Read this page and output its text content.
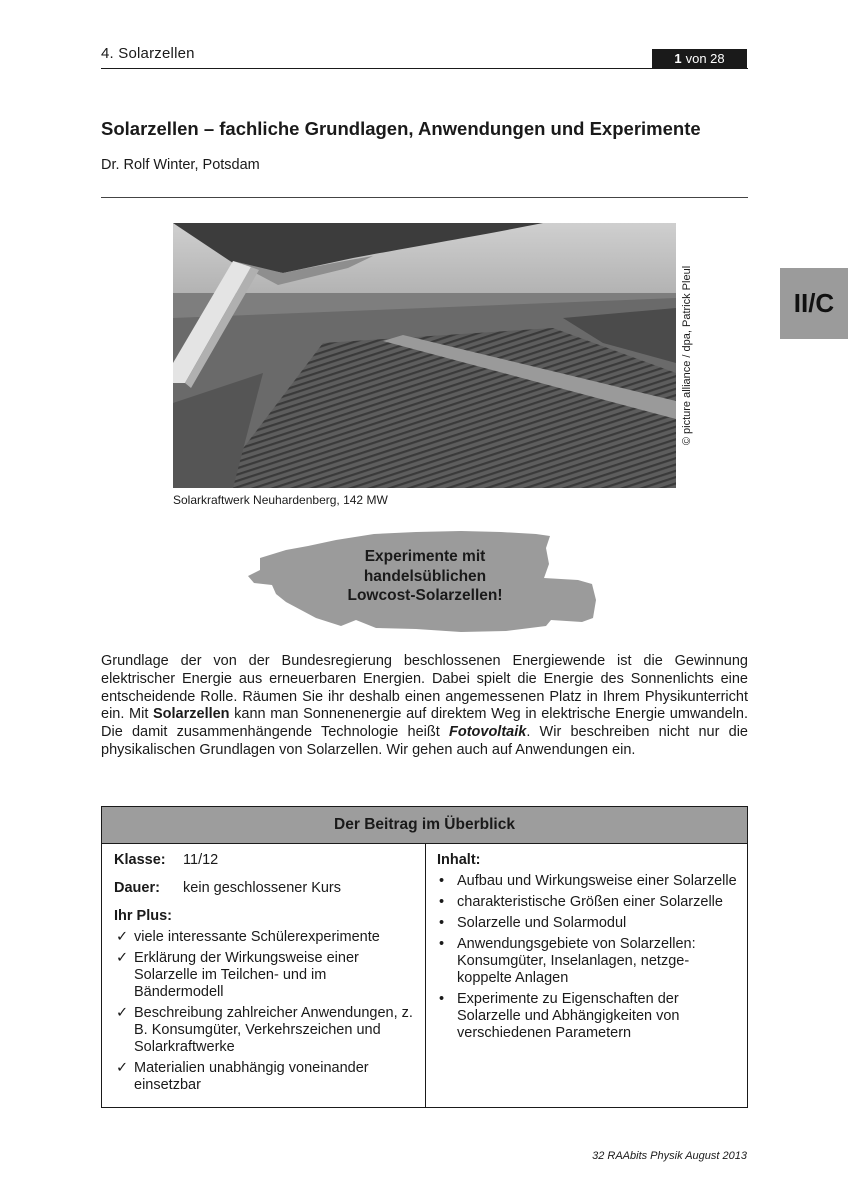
4. Solarzellen	1 von 28
II/C
Solarzellen – fachliche Grundlagen, Anwendungen und Experimente
Dr. Rolf Winter, Potsdam
© picture alliance / dpa, Patrick Pleul
Solarkraftwerk Neuhardenberg, 142 MW
Experimente mit
handelsüblichen
Lowcost-Solarzellen!
Grundlage der von der Bundesregierung beschlossenen Energiewende ist die Gewinnung elektrischer Energie aus erneuerbaren Energien. Dabei spielt die Energie des Sonnenlichts eine entscheidende Rolle. Räumen Sie ihr deshalb einen angemessenen Platz in Ihrem Physikunterricht ein. Mit Solarzellen kann man Sonnenenergie auf direktem Weg in elektrische Energie umwandeln. Die damit zusammenhängende Technologie heißt Fotovoltaik. Wir beschreiben nicht nur die physikalischen Grundlagen von Solarzellen. Wir gehen auch auf Anwendungen ein.
Der Beitrag im Überblick
Klasse: 11/12
Dauer: kein geschlossener Kurs
Ihr Plus:
✓ viele interessante Schülerexperimente
✓ Erklärung der Wirkungsweise einer Solarzelle im Teilchen- und im Bändermodell
✓ Beschreibung zahlreicher Anwendungen, z. B. Konsumgüter, Verkehrszeichen und Solarkraftwerke
✓ Materialien unabhängig voneinander einsetzbar
Inhalt:
• Aufbau und Wirkungsweise einer Solarzelle
• charakteristische Größen einer Solarzelle
• Solarzelle und Solarmodul
• Anwendungsgebiete von Solarzellen: Konsumgüter, Inselanlagen, netzgekoppelte Anlagen
• Experimente zu Eigenschaften der Solarzelle und Abhängigkeiten von verschiedenen Parametern
32 RAAbits Physik August 2013
